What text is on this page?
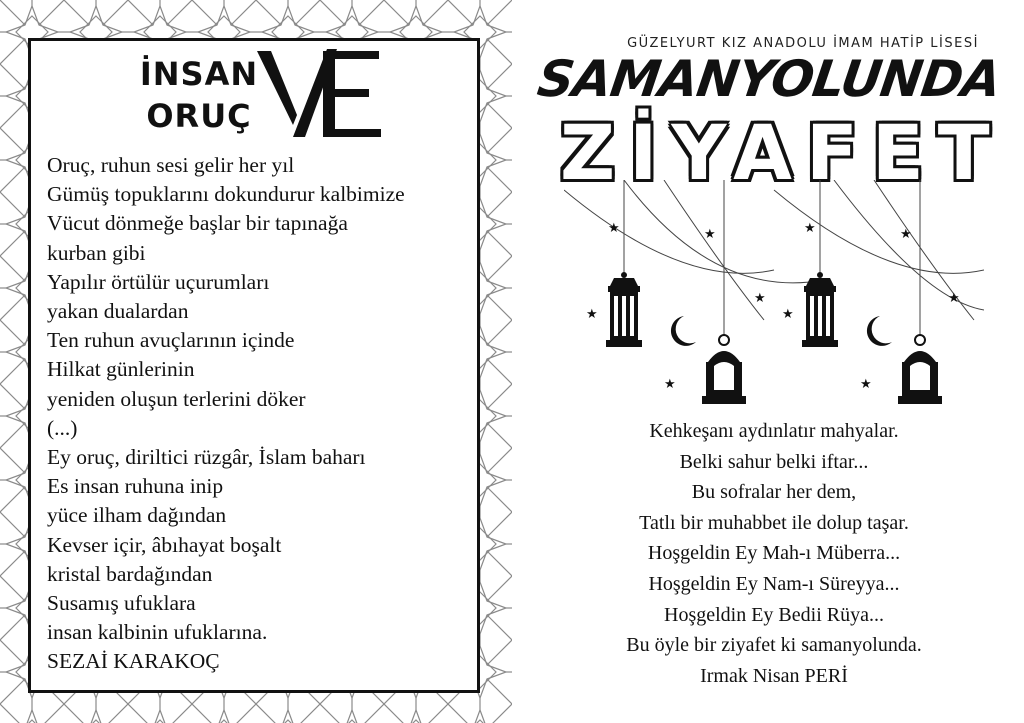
İNSAN
ORUÇ
Oruç, ruhun sesi gelir her yıl
Gümüş topuklarını dokundurur kalbimize
Vücut dönmeğe başlar bir tapınağa
kurban gibi
Yapılır örtülür uçurumları
yakan dualardan
Ten ruhun avuçlarının içinde
Hilkat günlerinin
yeniden oluşun terlerini döker
(...)
Ey oruç, diriltici rüzgâr, İslam baharı
Es insan ruhuna inip
yüce ilham dağından
Kevser içir, âbıhayat boşalt
kristal bardağından
Susamış ufuklara
insan kalbinin ufuklarına.
SEZAİ KARAKOÇ
GÜZELYURT KIZ ANADOLU İMAM HATİP LİSESİ
SAMANYOLUNDA
ZİYAFET
★	★	★	★
★
★
★
★
★	★
Kehkeşanı aydınlatır mahyalar.
Belki sahur belki iftar...
Bu sofralar her dem,
Tatlı bir muhabbet ile dolup taşar.
Hoşgeldin Ey Mah-ı Müberra...
Hoşgeldin Ey Nam-ı Süreyya...
Hoşgeldin Ey Bedii Rüya...
Bu öyle bir ziyafet ki samanyolunda.
Irmak Nisan PERİ
